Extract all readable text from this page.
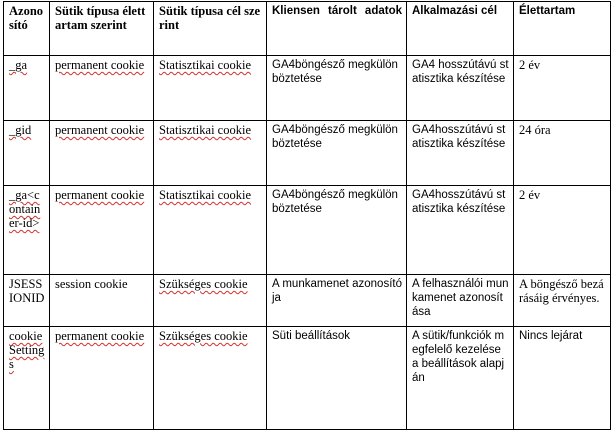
Azonosító	Sütik típusa élettartam szerint	Sütik típusa cél szerint	Kliensen tárolt adatok	Alkalmazási cél	Élettartam
_ga	permanent cookie	Statisztikai cookie	GA4böngésző megkülönböztetése	GA4 hosszútávú statisztika készítése	2 év
_gid	permanent cookie	Statisztikai cookie	GA4böngésző megkülönböztetése	GA4hosszútávú statisztika készítése	24 óra
_ga<container-id>	permanent cookie	Statisztikai cookie	GA4böngésző megkülönböztetése	GA4hosszútávú statisztika készítése	2 év
JSESSIONID	session cookie	Szükséges cookie	A munkamenet azonosítója	A felhasználói munkamenet azonosítása	A böngésző bezárásáig érvényes.
cookieSettings	permanent cookie	Szükséges cookie	Süti beállítások	A sütik/funkciók megfelelő kezelése a beállítások alapján	Nincs lejárat
